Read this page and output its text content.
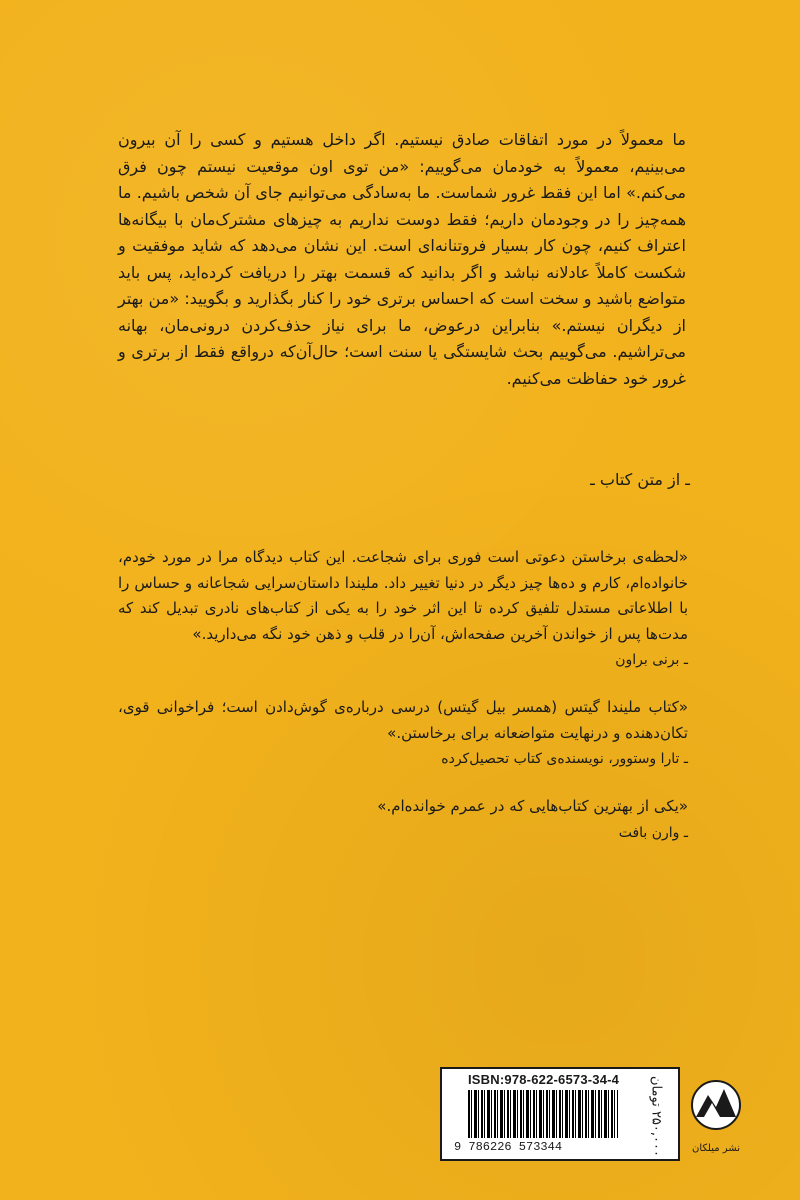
ما معمولاً در مورد اتفاقات صادق نیستیم. اگر داخل هستیم و کسی را آن بیرون می‌بینیم، معمولاً به خودمان می‌گوییم: «من توی اون موقعیت نیستم چون فرق می‌کنم.» اما این فقط غرور شماست. ما به‌سادگی می‌توانیم جای آن شخص باشیم. ما همه‌چیز را در وجودمان داریم؛ فقط دوست نداریم به چیزهای مشترک‌مان با بیگانه‌ها اعتراف کنیم، چون کار بسیار فروتنانه‌ای است. این نشان می‌دهد که شاید موفقیت و شکست کاملاً عادلانه نباشد و اگر بدانید که قسمت بهتر را دریافت کرده‌اید، پس باید متواضع باشید و سخت است که احساس برتری خود را کنار بگذارید و بگویید: «من بهتر از دیگران نیستم.» بنابراین درعوض، ما برای نیاز حذف‌کردن درونی‌مان، بهانه می‌تراشیم. می‌گوییم بحث شایستگی یا سنت است؛ حال‌آن‌که درواقع فقط از برتری و غرور خود حفاظت می‌کنیم.

ـ از متن کتاب ـ

«لحظه‌ی برخاستن دعوتی است فوری برای شجاعت. این کتاب دیدگاه مرا در مورد خودم، خانواده‌ام، کارم و ده‌ها چیز دیگر در دنیا تغییر داد. ملیندا داستان‌سرایی شجاعانه و حساس را با اطلاعاتی مستدل تلفیق کرده تا این اثر خود را به یکی از کتاب‌های نادری تبدیل کند که مدت‌ها پس از خواندن آخرین صفحه‌اش، آن‌را در قلب و ذهن خود نگه می‌دارید.»

ـ برنی براون

«کتاب ملیندا گیتس (همسر بیل گیتس) درسی درباره‌ی گوش‌دادن است؛ فراخوانی قوی، تکان‌دهنده و درنهایت متواضعانه برای برخاستن.»

ـ تارا وستوور، نویسنده‌ی کتاب تحصیل‌کرده

«یکی از بهترین کتاب‌هایی که در عمرم خوانده‌ام.»

ـ وارن بافت

ISBN:978-622-6573-34-4
9 786226 573344
۲۵۰,۰۰۰ تومان	نشر میلکان
